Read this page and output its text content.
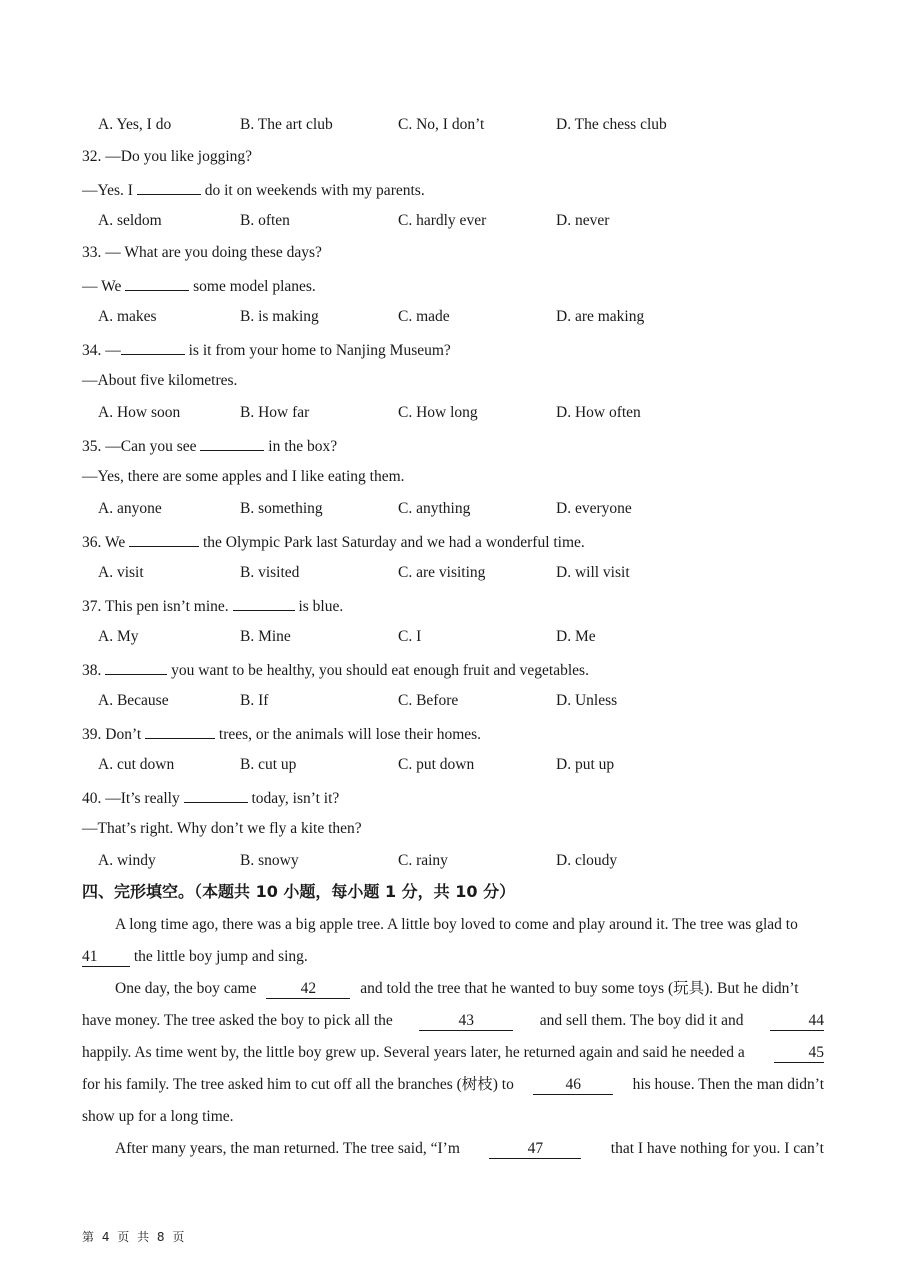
A. Yes, I do	B. The art club	C. No, I don’t	D. The chess club
32. —Do you like jogging?
—Yes. I	do it on weekends with my parents.
A. seldom	B. often	C. hardly ever	D. never
33. — What are you doing these days?
— We	some model planes.
A. makes	B. is making	C. made	D. are making
34. —	is it from your home to Nanjing Museum?
—About five kilometres.
A. How soon	B. How far	C. How long	D. How often
35. —Can you see	in the box?
—Yes, there are some apples and I like eating them.
A. anyone	B. something	C. anything	D. everyone
36. We	the Olympic Park last Saturday and we had a wonderful time.
A. visit	B. visited	C. are visiting	D. will visit
37. This pen isn’t mine.	is blue.
A. My	B. Mine	C. I	D. Me
38.	you want to be healthy, you should eat enough fruit and vegetables.
A. Because	B. If	C. Before	D. Unless
39. Don’t	trees, or the animals will lose their homes.
A. cut down	B. cut up	C. put down	D. put up
40. —It’s really	today, isn’t it?
—That’s right. Why don’t we fly a kite then?
A. windy	B. snowy	C. rainy	D. cloudy
四、完形填空。（本题共 10 小题，每小题 1 分，共 10 分）
A long time ago, there was a big apple tree. A little boy loved to come and play around it. The tree was glad to
41 the little boy jump and sing.
One day, the boy came	42	and told the tree that he wanted to buy some toys (玩具). But he didn’t
have money. The tree asked the boy to pick all the	43	and sell them. The boy did it and	44
happily. As time went by, the little boy grew up. Several years later, he returned again and said he needed a	45
for his family. The tree asked him to cut off all the branches (树枝) to	46	his house. Then the man didn’t
show up for a long time.
After many years, the man returned. The tree said, “I’m	47	that I have nothing for you. I can’t
第 4 页 共 8 页
